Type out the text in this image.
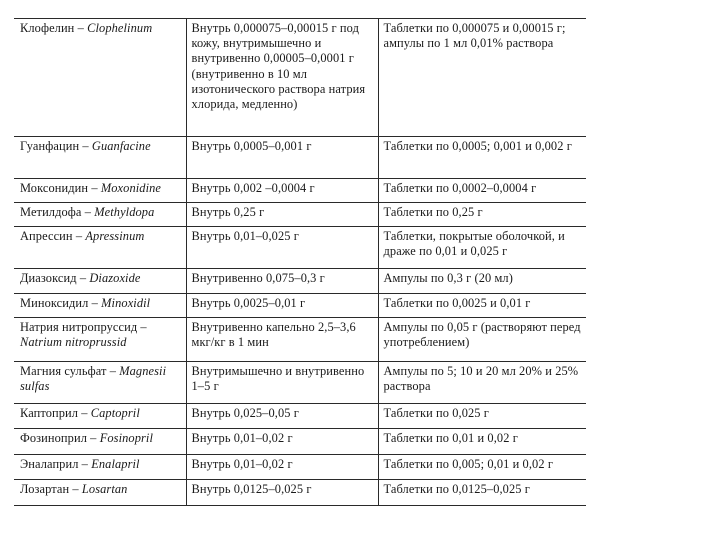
Клофелин – Clophelinum	Внутрь 0,000075–0,00015 г под кожу, внутримышечно и внутривенно 0,00005–0,0001 г (внутривенно в 10 мл изотонического раствора натрия хлорида, медленно)	Таблетки по 0,000075 и 0,00015 г; ампулы по 1 мл 0,01% раствора
Гуанфацин – Guanfacine	Внутрь 0,0005–0,001 г	Таблетки по 0,0005; 0,001 и 0,002 г
Моксонидин – Moxonidine	Внутрь 0,002 –0,0004 г	Таблетки по 0,0002–0,0004 г
Метилдофа – Methyldopa	Внутрь 0,25 г	Таблетки по 0,25 г
Апрессин – Apressinum	Внутрь 0,01–0,025 г	Таблетки, покрытые оболочкой, и драже по 0,01 и 0,025 г
Диазоксид – Diazoxide	Внутривенно 0,075–0,3 г	Ампулы по 0,3 г (20 мл)
Миноксидил – Minoxidil	Внутрь 0,0025–0,01 г	Таблетки по 0,0025 и 0,01 г
Натрия нитропруссид – Natrium nitroprussid	Внутривенно капельно 2,5–3,6 мкг/кг в 1 мин	Ампулы по 0,05 г (растворяют перед употреблением)
Магния сульфат – Magnesii sulfas	Внутримышечно и внутривенно 1–5 г	Ампулы по 5; 10 и 20 мл 20% и 25% раствора
Каптоприл – Captopril	Внутрь 0,025–0,05 г	Таблетки по 0,025 г
Фозиноприл – Fosinopril	Внутрь 0,01–0,02 г	Таблетки по 0,01 и 0,02 г
Эналаприл – Enalapril	Внутрь 0,01–0,02 г	Таблетки по 0,005; 0,01 и 0,02 г
Лозартан – Losartan	Внутрь 0,0125–0,025 г	Таблетки по 0,0125–0,025 г
